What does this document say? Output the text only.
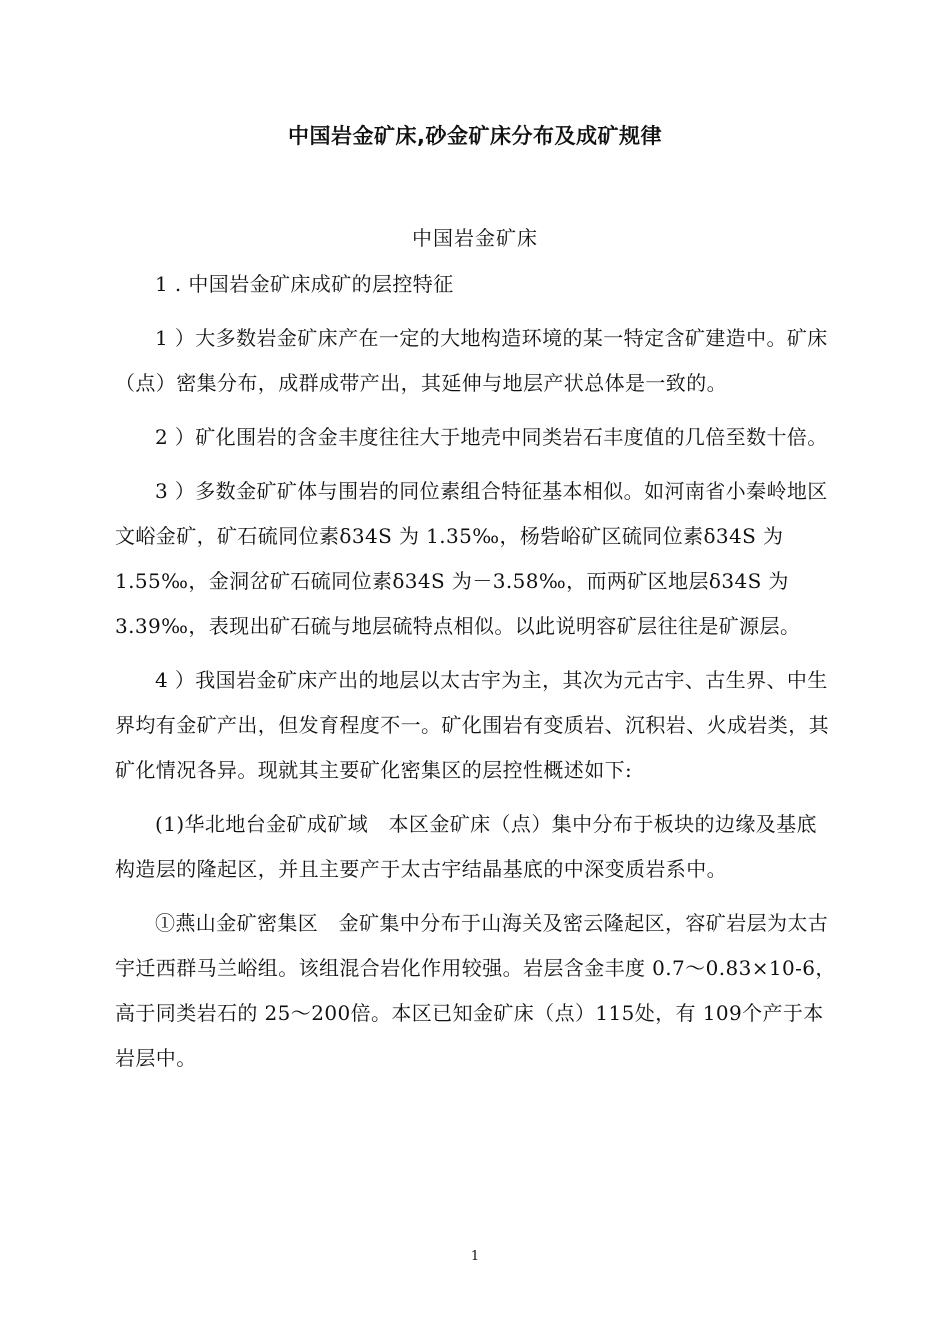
中国岩金矿床,砂金矿床分布及成矿规律
中国岩金矿床

1 . 中国岩金矿床成矿的层控特征

1 ）大多数岩金矿床产在一定的大地构造环境的某一特定含矿建造中。矿床（点）密集分布，成群成带产出，其延伸与地层产状总体是一致的。

2 ）矿化围岩的含金丰度往往大于地壳中同类岩石丰度值的几倍至数十倍。

3 ）多数金矿矿体与围岩的同位素组合特征基本相似。如河南省小秦岭地区文峪金矿，矿石硫同位素δ34S 为 1.35‰，杨砦峪矿区硫同位素δ34S 为 1.55‰，金洞岔矿石硫同位素δ34S 为－3.58‰，而两矿区地层δ34S 为 3.39‰，表现出矿石硫与地层硫特点相似。以此说明容矿层往往是矿源层。

4 ）我国岩金矿床产出的地层以太古宇为主，其次为元古宇、古生界、中生界均有金矿产出，但发育程度不一。矿化围岩有变质岩、沉积岩、火成岩类，其矿化情况各异。现就其主要矿化密集区的层控性概述如下:

(1)华北地台金矿成矿域　本区金矿床（点）集中分布于板块的边缘及基底构造层的隆起区，并且主要产于太古宇结晶基底的中深变质岩系中。

①燕山金矿密集区　金矿集中分布于山海关及密云隆起区，容矿岩层为太古宇迁西群马兰峪组。该组混合岩化作用较强。岩层含金丰度 0.7～0.83×10-6，高于同类岩石的 25～200倍。本区已知金矿床（点）115处，有 109个产于本岩层中。

1
